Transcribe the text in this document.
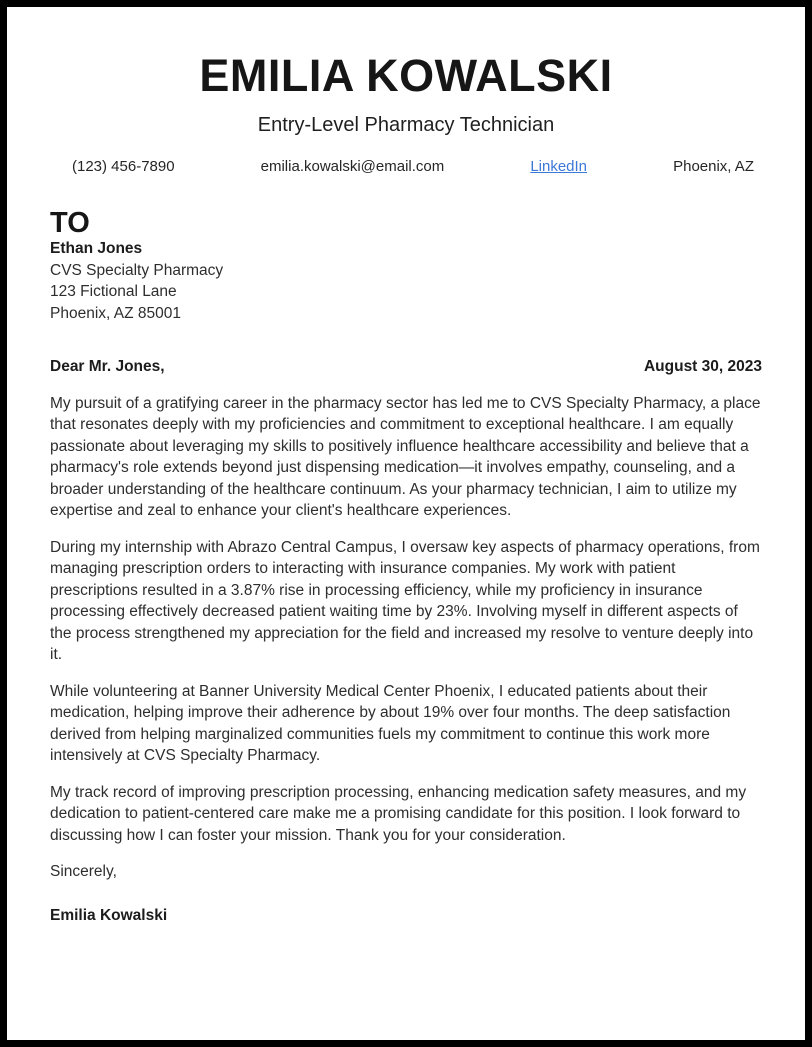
EMILIA KOWALSKI
Entry-Level Pharmacy Technician
(123) 456-7890	emilia.kowalski@email.com	LinkedIn	Phoenix, AZ
TO
Ethan Jones
CVS Specialty Pharmacy
123 Fictional Lane
Phoenix, AZ 85001
Dear Mr. Jones,	August 30, 2023

My pursuit of a gratifying career in the pharmacy sector has led me to CVS Specialty Pharmacy, a place that resonates deeply with my proficiencies and commitment to exceptional healthcare. I am equally passionate about leveraging my skills to positively influence healthcare accessibility and believe that a pharmacy's role extends beyond just dispensing medication—it involves empathy, counseling, and a broader understanding of the healthcare continuum. As your pharmacy technician, I aim to utilize my expertise and zeal to enhance your client's healthcare experiences.

During my internship with Abrazo Central Campus, I oversaw key aspects of pharmacy operations, from managing prescription orders to interacting with insurance companies. My work with patient prescriptions resulted in a 3.87% rise in processing efficiency, while my proficiency in insurance processing effectively decreased patient waiting time by 23%. Involving myself in different aspects of the process strengthened my appreciation for the field and increased my resolve to venture deeply into it.

While volunteering at Banner University Medical Center Phoenix, I educated patients about their medication, helping improve their adherence by about 19% over four months. The deep satisfaction derived from helping marginalized communities fuels my commitment to continue this work more intensively at CVS Specialty Pharmacy.

My track record of improving prescription processing, enhancing medication safety measures, and my dedication to patient-centered care make me a promising candidate for this position. I look forward to discussing how I can foster your mission. Thank you for your consideration.

Sincerely,
Emilia Kowalski
